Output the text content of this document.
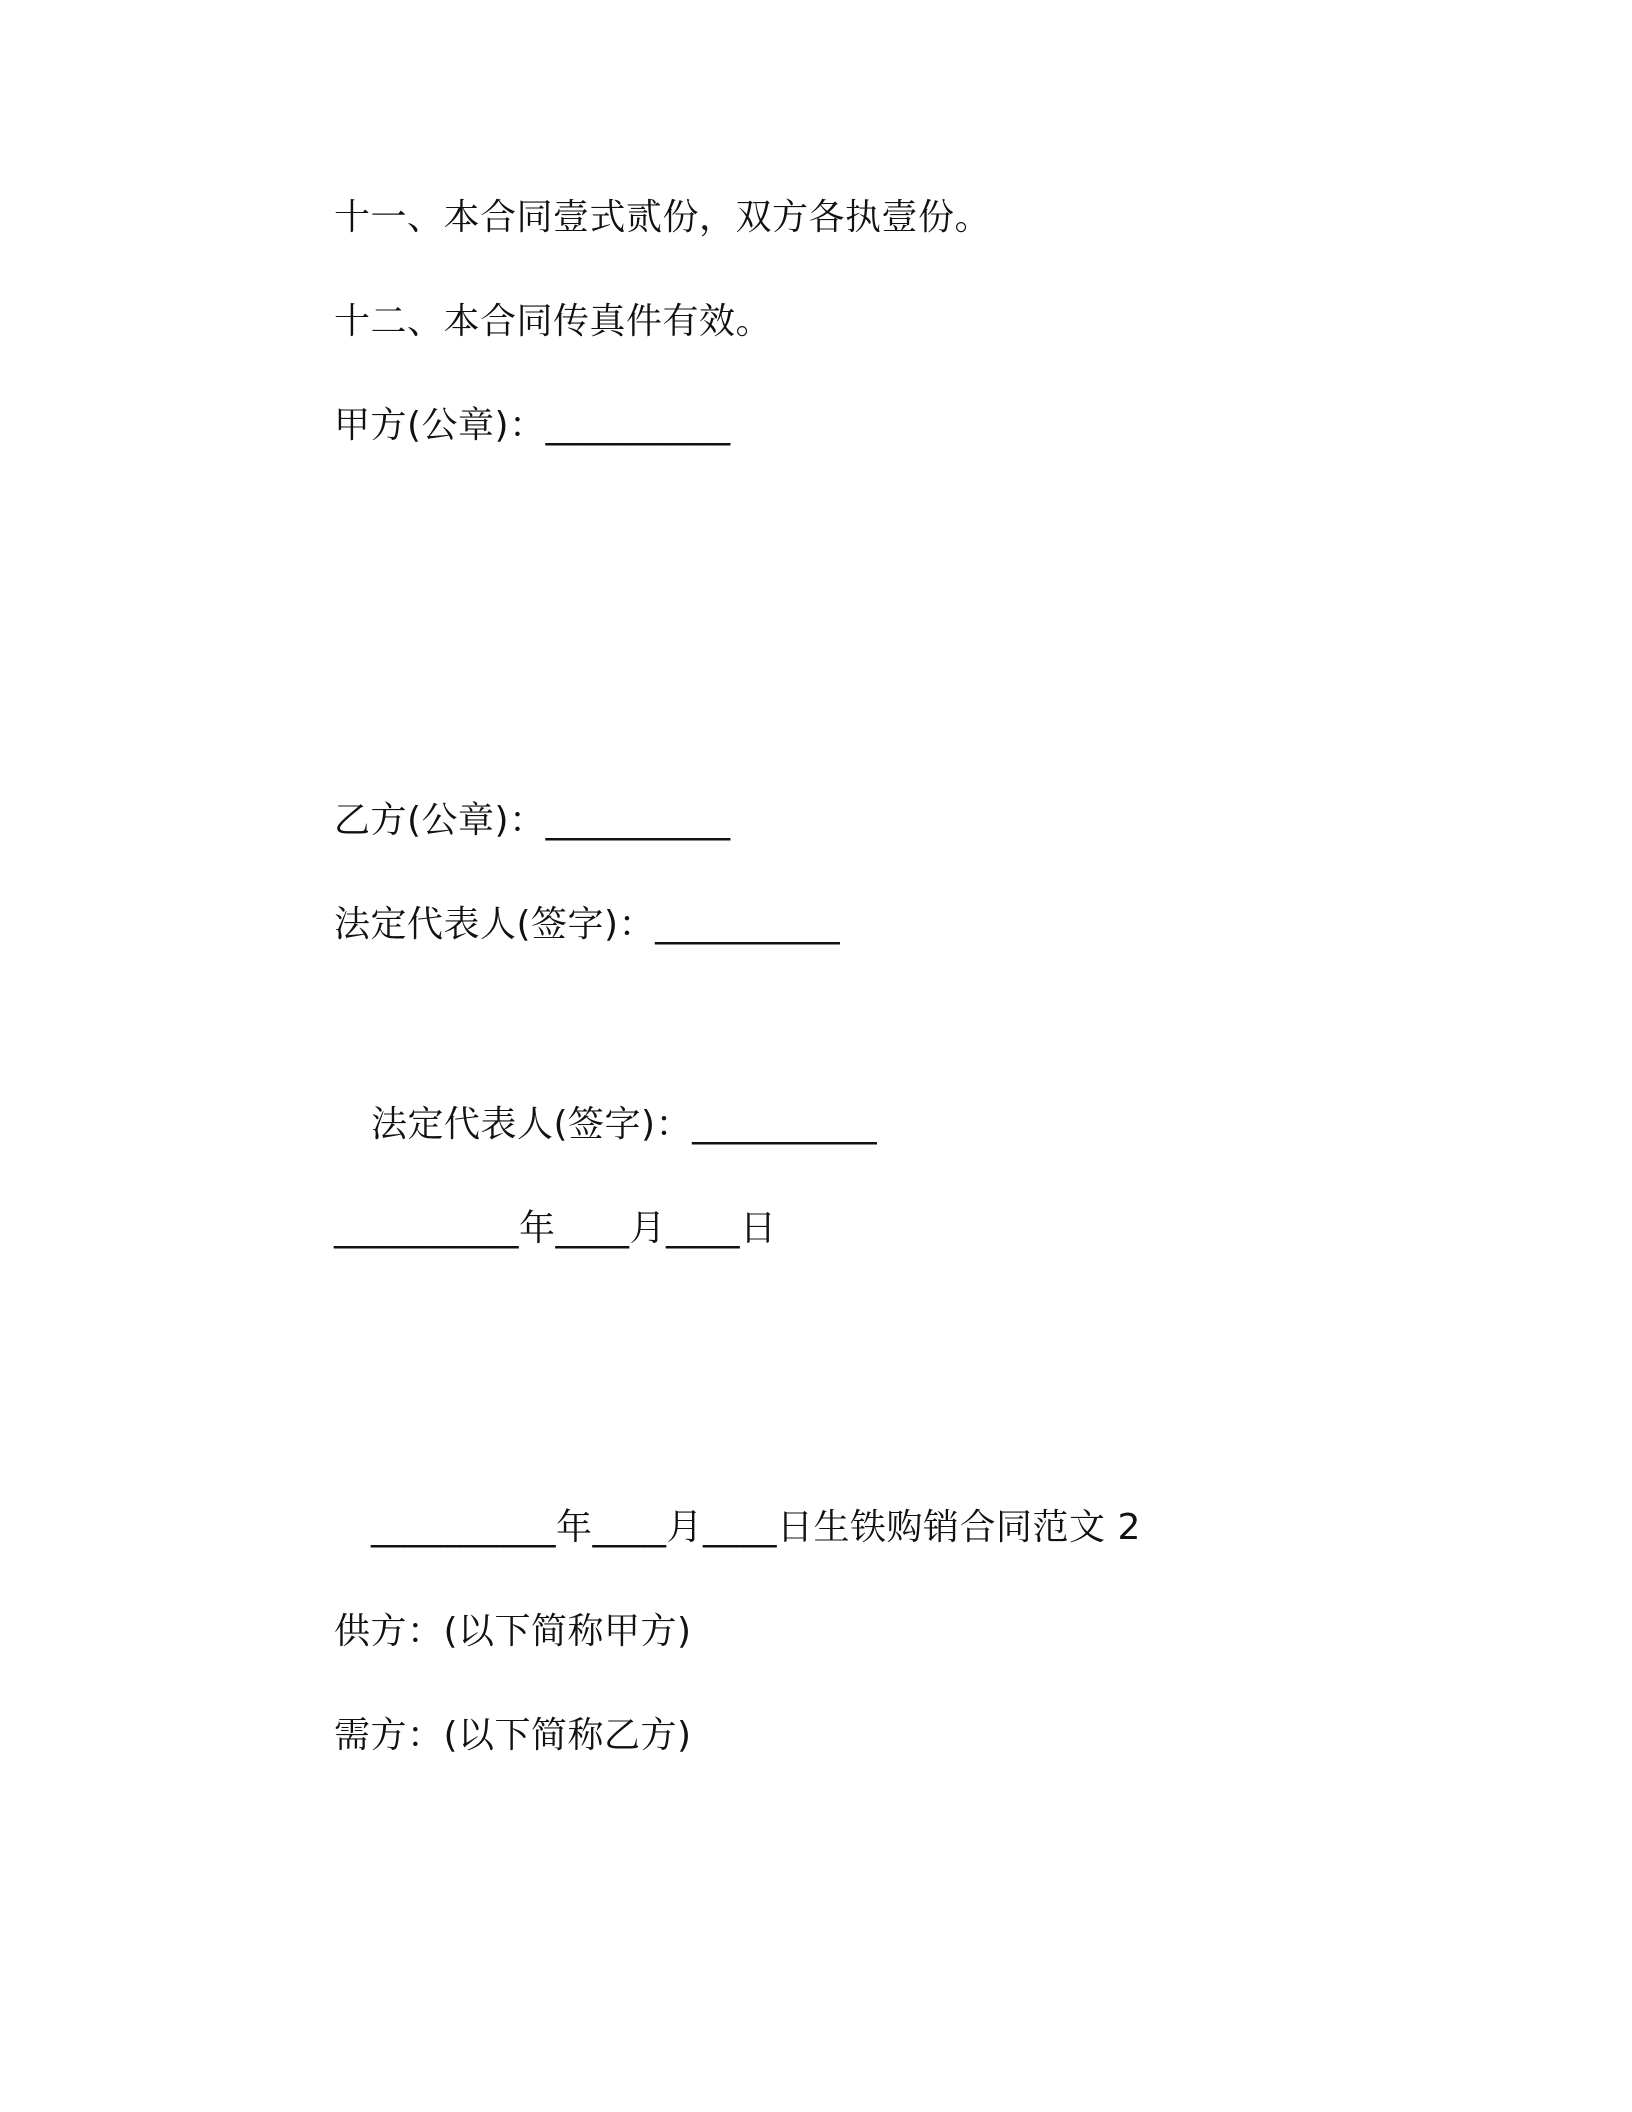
十一、本合同壹式贰份，双方各执壹份。
十二、本合同传真件有效。
甲方(公章)：__________
乙方(公章)：__________
法定代表人(签字)：__________
法定代表人(签字)：__________
__________年____月____日
__________年____月____日生铁购销合同范文 2
供方：(以下简称甲方)
需方：(以下简称乙方)
